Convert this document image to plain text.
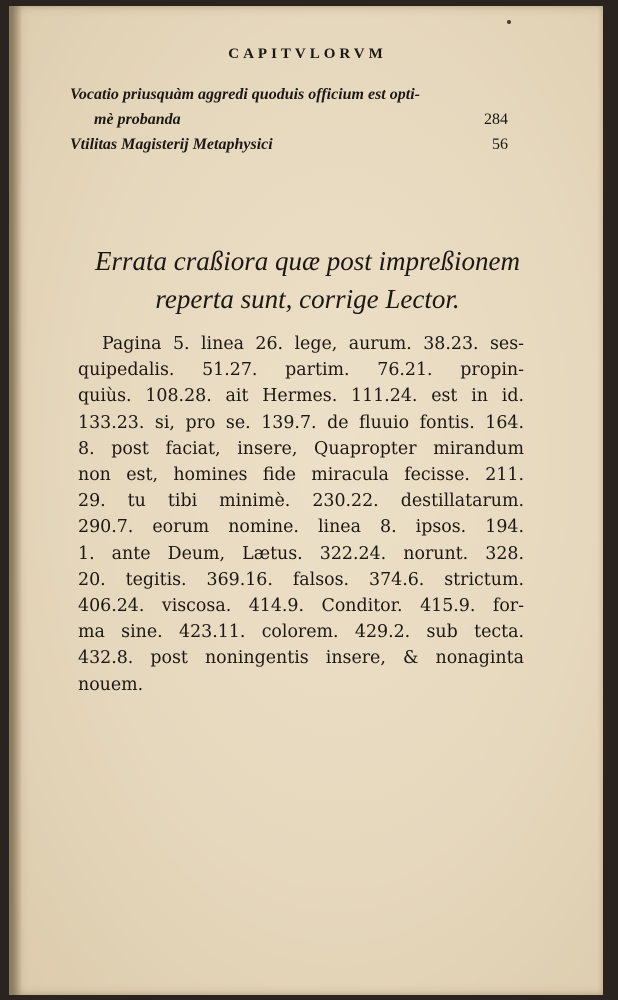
CAPITVLORVM
Vocatio priusquàm aggredi quoduis officium est opti-
mè probanda	284
Vtilitas Magisterij Metaphysici	56
Errata craßiora quæ post impreßionem
reperta sunt, corrige Lector.
Pagina 5. linea 26. lege, aurum. 38.23. ses-
quipedalis. 51.27. partim. 76.21. propin-
quiùs. 108.28. ait Hermes. 111.24. est in id.
133.23. si, pro se. 139.7. de fluuio fontis. 164.
8. post faciat, insere, Quapropter mirandum
non est, homines fide miracula fecisse. 211.
29. tu tibi minimè. 230.22. destillatarum.
290.7. eorum nomine. linea 8. ipsos. 194.
1. ante Deum, Lætus. 322.24. norunt. 328.
20. tegitis. 369.16. falsos. 374.6. strictum.
406.24. viscosa. 414.9. Conditor. 415.9. for-
ma sine. 423.11. colorem. 429.2. sub tecta.
432.8. post noningentis insere, & nonaginta
nouem.
